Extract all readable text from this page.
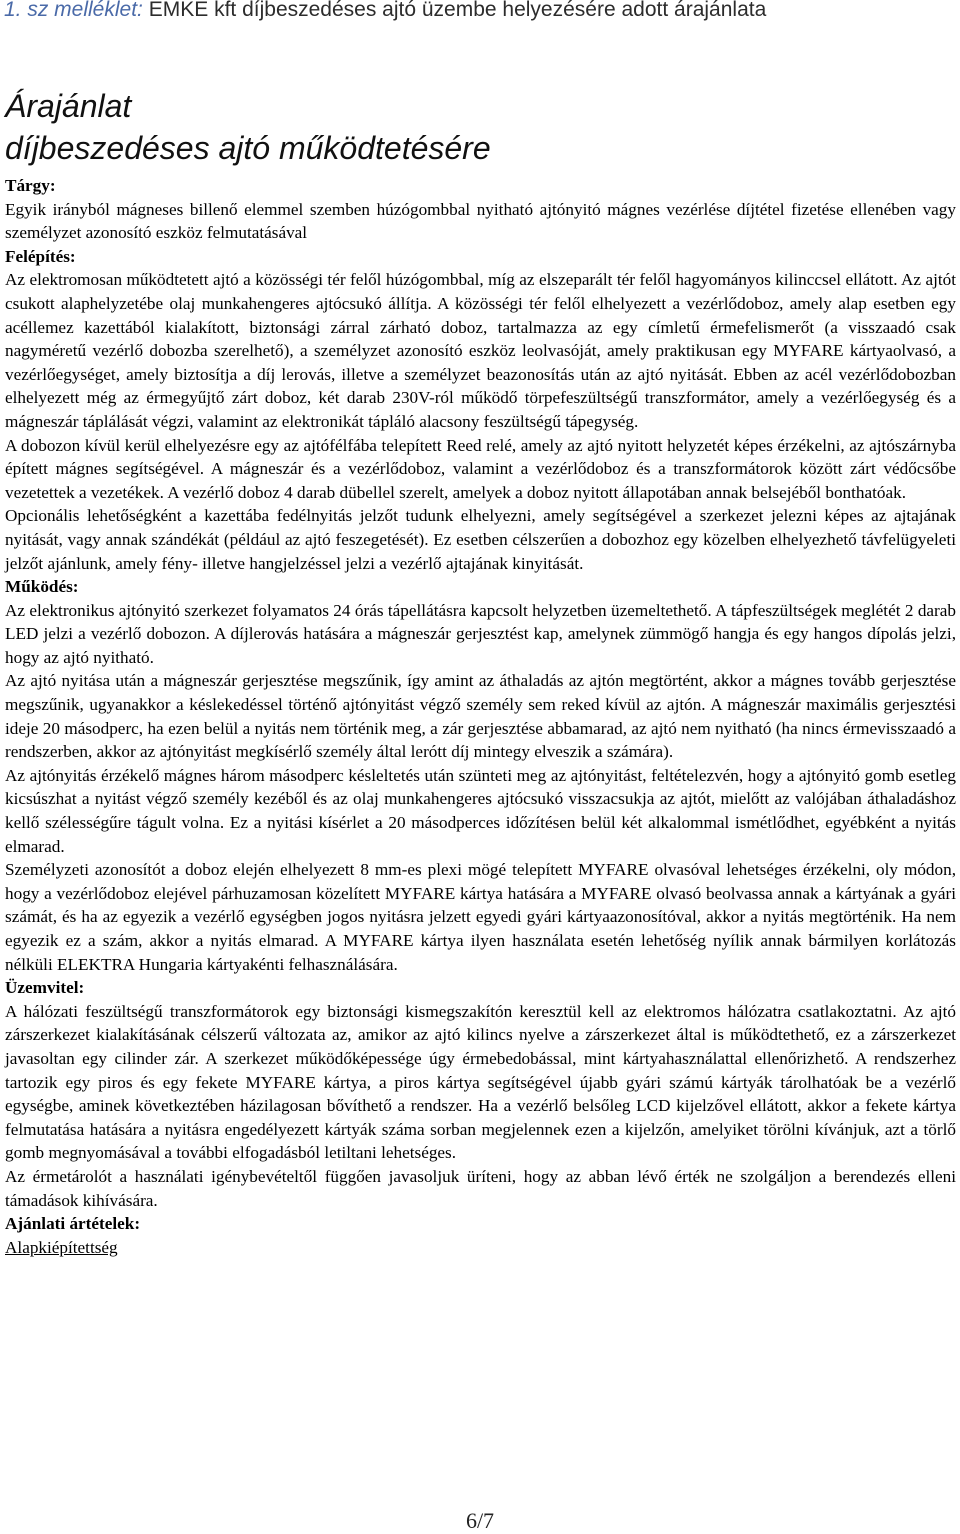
1. sz melléklet: EMKE kft díjbeszedéses ajtó üzembe helyezésére adott árajánlata
Árajánlat
díjbeszedéses ajtó működtetésére
Tárgy:

Egyik irányból mágneses billenő elemmel szemben húzógombbal nyitható ajtónyitó mágnes vezérlése díjtétel fizetése ellenében vagy személyzet azonosító eszköz felmutatásával

Felépítés:

Az elektromosan működtetett ajtó a közösségi tér felől húzógombbal, míg az elszeparált tér felől hagyományos kilinccsel ellátott. Az ajtót csukott alaphelyzetébe olaj munkahengeres ajtócsukó állítja. A közösségi tér felől elhelyezett a vezérlődoboz, amely alap esetben egy acéllemez kazettából kialakított, biztonsági zárral zárható doboz, tartalmazza az egy címletű érmefelismerőt (a visszaadó csak nagyméretű vezérlő dobozba szerelhető), a személyzet azonosító eszköz leolvasóját, amely praktikusan egy MYFARE kártyaolvasó, a vezérlőegységet, amely biztosítja a díj lerovás, illetve a személyzet beazonosítás után az ajtó nyitását. Ebben az acél vezérlődobozban elhelyezett még az érmegyűjtő zárt doboz, két darab 230V-ról működő törpefeszültségű transzformátor, amely a vezérlőegység és a mágneszár táplálását végzi, valamint az elektronikát tápláló alacsony feszültségű tápegység.

A dobozon kívül kerül elhelyezésre egy az ajtófélfába telepített Reed relé, amely az ajtó nyitott helyzetét képes érzékelni, az ajtószárnyba épített mágnes segítségével. A mágneszár és a vezérlődoboz, valamint a vezérlődoboz és a transzformátorok között zárt védőcsőbe vezetettek a vezetékek. A vezérlő doboz 4 darab dübellel szerelt, amelyek a doboz nyitott állapotában annak belsejéből bonthatóak.

Opcionális lehetőségként a kazettába fedélnyitás jelzőt tudunk elhelyezni, amely segítségével a szerkezet jelezni képes az ajtajának nyitását, vagy annak szándékát (például az ajtó feszegetését). Ez esetben célszerűen a dobozhoz egy közelben elhelyezhető távfelügyeleti jelzőt ajánlunk, amely fény- illetve hangjelzéssel jelzi a vezérlő ajtajának kinyitását.

Működés:

Az elektronikus ajtónyitó szerkezet folyamatos 24 órás tápellátásra kapcsolt helyzetben üzemeltethető. A tápfeszültségek meglétét 2 darab LED jelzi a vezérlő dobozon. A díjlerovás hatására a mágneszár gerjesztést kap, amelynek zümmögő hangja és egy hangos dípolás jelzi, hogy az ajtó nyitható.

Az ajtó nyitása után a mágneszár gerjesztése megszűnik, így amint az áthaladás az ajtón megtörtént, akkor a mágnes tovább gerjesztése megszűnik, ugyanakkor a késlekedéssel történő ajtónyitást végző személy sem reked kívül az ajtón. A mágneszár maximális gerjesztési ideje 20 másodperc, ha ezen belül a nyitás nem történik meg, a zár gerjesztése abbamarad, az ajtó nem nyitható (ha nincs érmevisszaadó a rendszerben, akkor az ajtónyitást megkísérlő személy által lerótt díj mintegy elveszik a számára).

Az ajtónyitás érzékelő mágnes három másodperc késleltetés után szünteti meg az ajtónyitást, feltételezvén, hogy a ajtónyitó gomb esetleg kicsúszhat a nyitást végző személy kezéből és az olaj munkahengeres ajtócsukó visszacsukja az ajtót, mielőtt az valójában áthaladáshoz kellő szélességűre tágult volna. Ez a nyitási kísérlet a 20 másodperces időzítésen belül két alkalommal ismétlődhet, egyébként a nyitás elmarad.

Személyzeti azonosítót a doboz elején elhelyezett 8 mm-es plexi mögé telepített MYFARE olvasóval lehetséges érzékelni, oly módon, hogy a vezérlődoboz elejével párhuzamosan közelített MYFARE kártya hatására a MYFARE olvasó beolvassa annak a kártyának a gyári számát, és ha az egyezik a vezérlő egységben jogos nyitásra jelzett egyedi gyári kártyaazonosítóval, akkor a nyitás megtörténik. Ha nem egyezik ez a szám, akkor a nyitás elmarad. A MYFARE kártya ilyen használata esetén lehetőség nyílik annak bármilyen korlátozás nélküli ELEKTRA Hungaria kártyakénti felhasználására.

Üzemvitel:

A hálózati feszültségű transzformátorok egy biztonsági kismegszakítón keresztül kell az elektromos hálózatra csatlakoztatni. Az ajtó zárszerkezet kialakításának célszerű változata az, amikor az ajtó kilincs nyelve a zárszerkezet által is működtethető, ez a zárszerkezet javasoltan egy cilinder zár. A szerkezet működőképessége úgy érmebedobással, mint kártyahasználattal ellenőrizhető. A rendszerhez tartozik egy piros és egy fekete MYFARE kártya, a piros kártya segítségével újabb gyári számú kártyák tárolhatóak be a vezérlő egységbe, aminek következtében házilagosan bővíthető a rendszer. Ha a vezérlő belsőleg LCD kijelzővel ellátott, akkor a fekete kártya felmutatása hatására a nyitásra engedélyezett kártyák száma sorban megjelennek ezen a kijelzőn, amelyiket törölni kívánjuk, azt a törlő gomb megnyomásával a további elfogadásból letiltani lehetséges.

Az érmetárolót a használati igénybevételtől függően javasoljuk üríteni, hogy az abban lévő érték ne szolgáljon a berendezés elleni támadások kihívására.

Ajánlati ártételek:

Alapkiépítettség

6/7
